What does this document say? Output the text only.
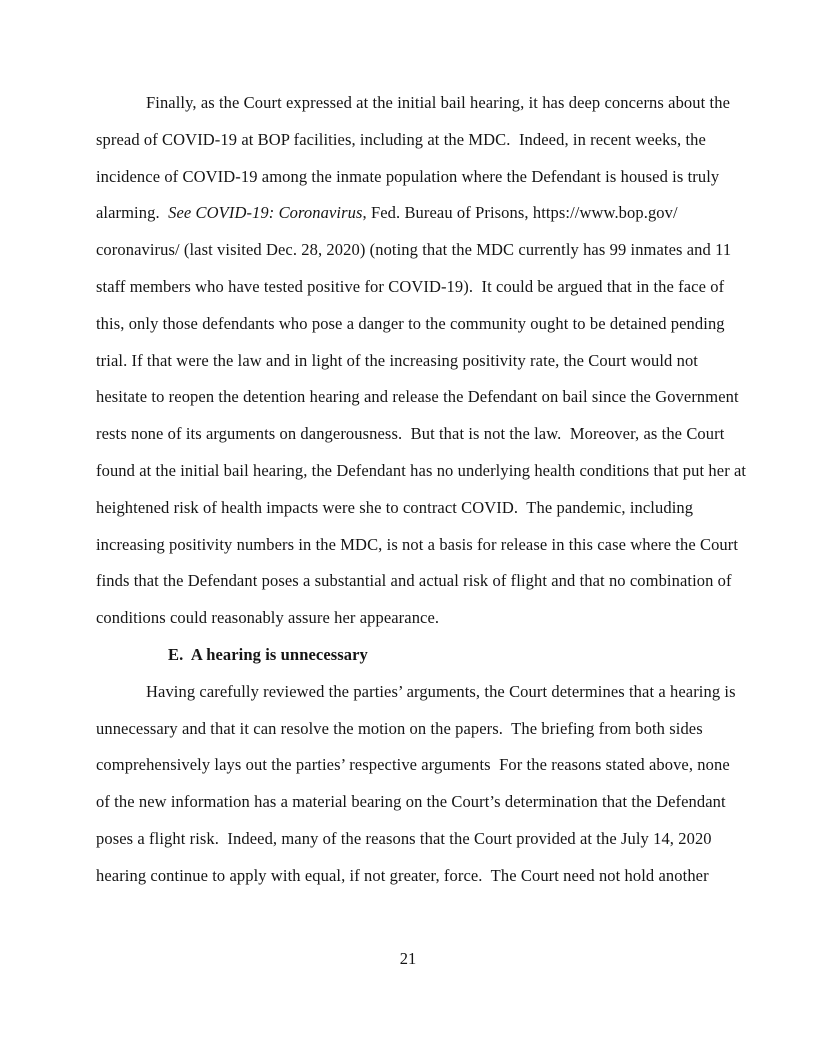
Finally, as the Court expressed at the initial bail hearing, it has deep concerns about the
spread of COVID-19 at BOP facilities, including at the MDC.  Indeed, in recent weeks, the
incidence of COVID-19 among the inmate population where the Defendant is housed is truly
alarming.  See COVID-19: Coronavirus, Fed. Bureau of Prisons, https://www.bop.gov/
coronavirus/ (last visited Dec. 28, 2020) (noting that the MDC currently has 99 inmates and 11
staff members who have tested positive for COVID-19).  It could be argued that in the face of
this, only those defendants who pose a danger to the community ought to be detained pending
trial. If that were the law and in light of the increasing positivity rate, the Court would not
hesitate to reopen the detention hearing and release the Defendant on bail since the Government
rests none of its arguments on dangerousness.  But that is not the law.  Moreover, as the Court
found at the initial bail hearing, the Defendant has no underlying health conditions that put her at
heightened risk of health impacts were she to contract COVID.  The pandemic, including
increasing positivity numbers in the MDC, is not a basis for release in this case where the Court
finds that the Defendant poses a substantial and actual risk of flight and that no combination of
conditions could reasonably assure her appearance.
E.  A hearing is unnecessary
Having carefully reviewed the parties’ arguments, the Court determines that a hearing is
unnecessary and that it can resolve the motion on the papers.  The briefing from both sides
comprehensively lays out the parties’ respective arguments  For the reasons stated above, none
of the new information has a material bearing on the Court’s determination that the Defendant
poses a flight risk.  Indeed, many of the reasons that the Court provided at the July 14, 2020
hearing continue to apply with equal, if not greater, force.  The Court need not hold another
21
